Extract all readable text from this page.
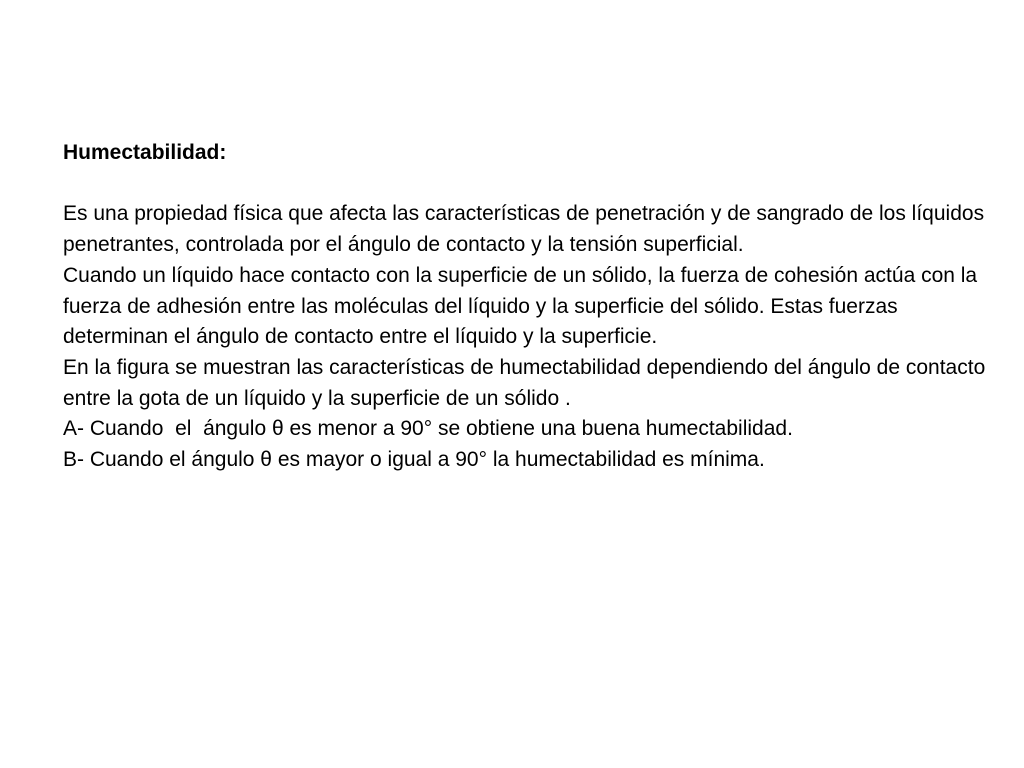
Humectabilidad:

Es una propiedad física que afecta las características de penetración y de sangrado de los líquidos penetrantes, controlada por el ángulo de contacto y la tensión superficial.

Cuando un líquido hace contacto con la superficie de un sólido, la fuerza de cohesión actúa con la fuerza de adhesión entre las moléculas del líquido y la superficie del sólido. Estas fuerzas determinan el ángulo de contacto entre el líquido y la superficie.

En la figura se muestran las características de humectabilidad dependiendo del ángulo de contacto entre la gota de un líquido y la superficie de un sólido .

A- Cuando  el  ángulo θ es menor a 90° se obtiene una buena humectabilidad.

B- Cuando el ángulo θ es mayor o igual a 90° la humectabilidad es mínima.
